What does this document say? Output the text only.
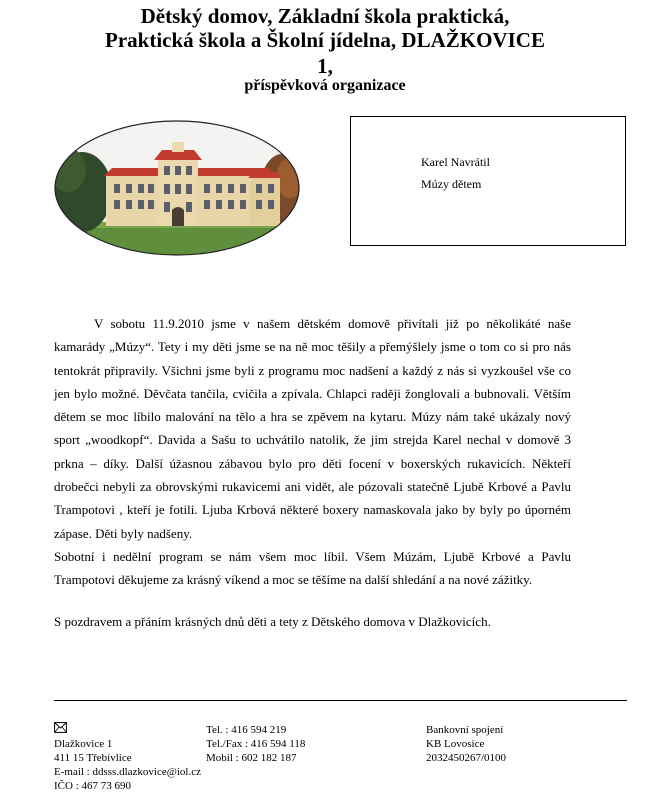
Dětský domov, Základní škola praktická,
Praktická škola a Školní jídelna, DLAŽKOVICE
1,
příspěvková organizace
Karel Navrátil
Múzy dětem

V sobotu 11.9.2010 jsme v našem dětském domově přivítali již po několikáté naše kamarády „Múzy“. Tety i my děti jsme se na ně moc těšily a přemýšlely jsme o tom co si pro nás tentokrát připravily. Všichni jsme byli z programu moc nadšení a každý z nás si vyzkoušel vše co jen bylo možné. Děvčata tančila, cvičila a zpívala. Chlapci raději žonglovali a bubnovali. Větším dětem se moc líbilo malování na tělo a hra se zpěvem na kytaru. Múzy nám také ukázaly nový sport „woodkopf“. Davida a Sašu to uchvátilo natolik, že jim strejda Karel nechal v domově 3 prkna – díky. Další úžasnou zábavou bylo pro děti focení v boxerských rukavicích. Někteří drobečci nebyli za obrovskými rukavicemi ani vidět, ale pózovali statečně Ljubě Krbové a Pavlu Trampotovi , kteří je fotili. Ljuba Krbová některé boxery namaskovala jako by byly po úporném zápase. Děti byly nadšeny.

Sobotní i nedělní program se nám všem moc líbil. Všem Múzám, Ljubě Krbové a Pavlu Trampotovi děkujeme za krásný víkend a moc se těšíme na další shledání a na nové zážitky.

S pozdravem a přáním krásných dnů děti a tety z Dětského domova v Dlažkovicích.

Dlažkovice 1
411 15 Třebívlice
E-mail : ddsss.dlazkovice@iol.cz
IČO : 467 73 690
Tel. : 416 594 219
Tel./Fax : 416 594 118
Mobil : 602 182 187
Bankovní spojení
KB Lovosice
2032450267/0100
